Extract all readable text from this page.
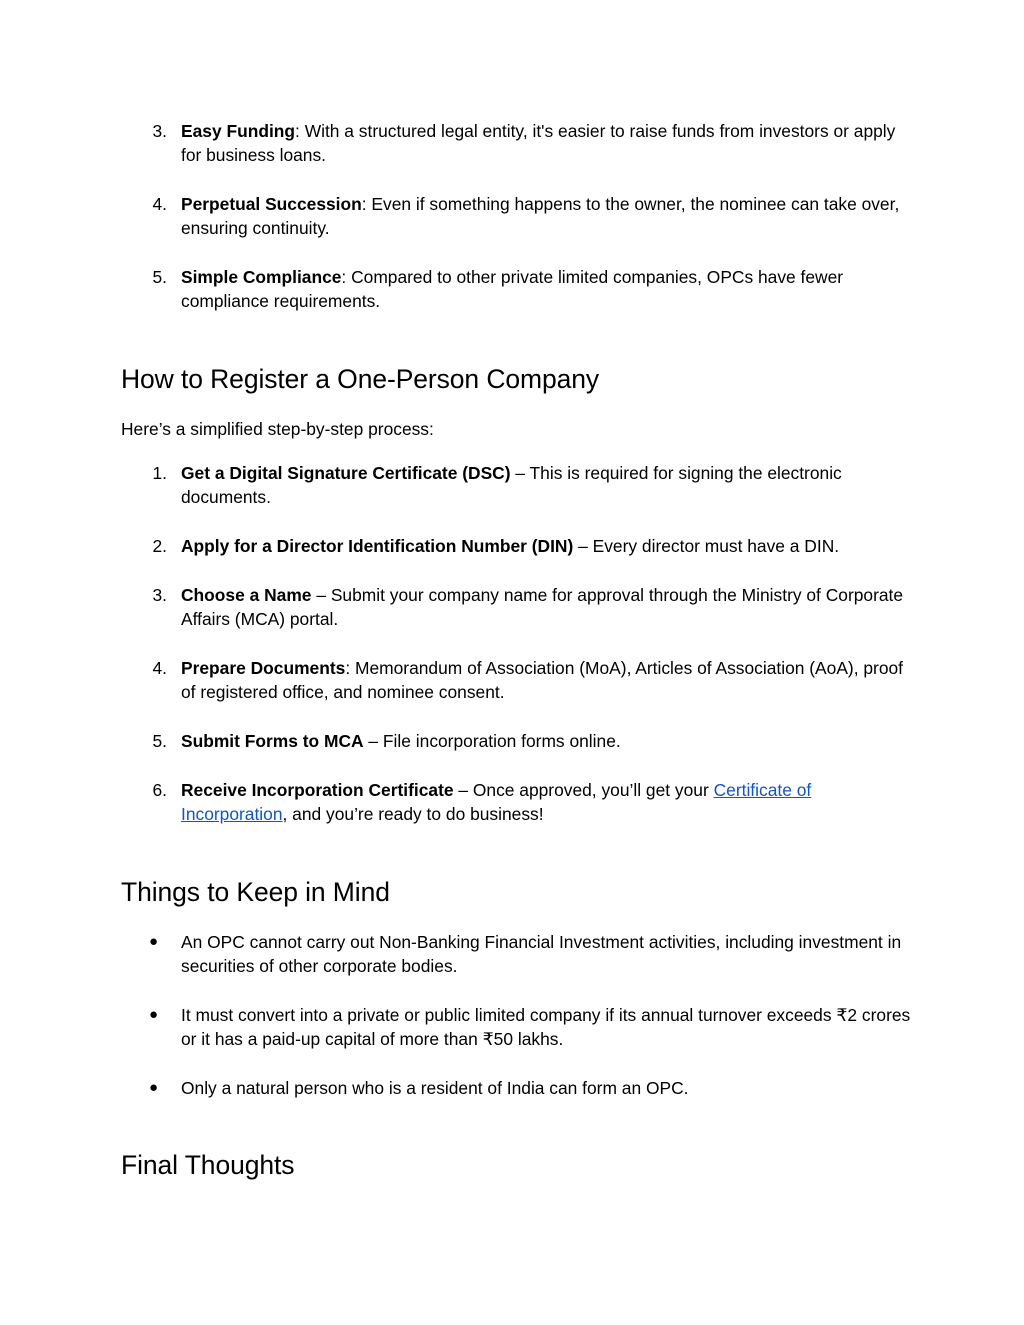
3. Easy Funding: With a structured legal entity, it's easier to raise funds from investors or apply for business loans.
4. Perpetual Succession: Even if something happens to the owner, the nominee can take over, ensuring continuity.
5. Simple Compliance: Compared to other private limited companies, OPCs have fewer compliance requirements.
How to Register a One-Person Company

Here’s a simplified step-by-step process:

1. Get a Digital Signature Certificate (DSC) – This is required for signing the electronic documents.
2. Apply for a Director Identification Number (DIN) – Every director must have a DIN.
3. Choose a Name – Submit your company name for approval through the Ministry of Corporate Affairs (MCA) portal.
4. Prepare Documents: Memorandum of Association (MoA), Articles of Association (AoA), proof of registered office, and nominee consent.
5. Submit Forms to MCA – File incorporation forms online.
6. Receive Incorporation Certificate – Once approved, you’ll get your Certificate of Incorporation, and you’re ready to do business!
Things to Keep in Mind
●	An OPC cannot carry out Non-Banking Financial Investment activities, including investment in securities of other corporate bodies.
●	It must convert into a private or public limited company if its annual turnover exceeds ₹2 crores or it has a paid-up capital of more than ₹50 lakhs.
●	Only a natural person who is a resident of India can form an OPC.
Final Thoughts
